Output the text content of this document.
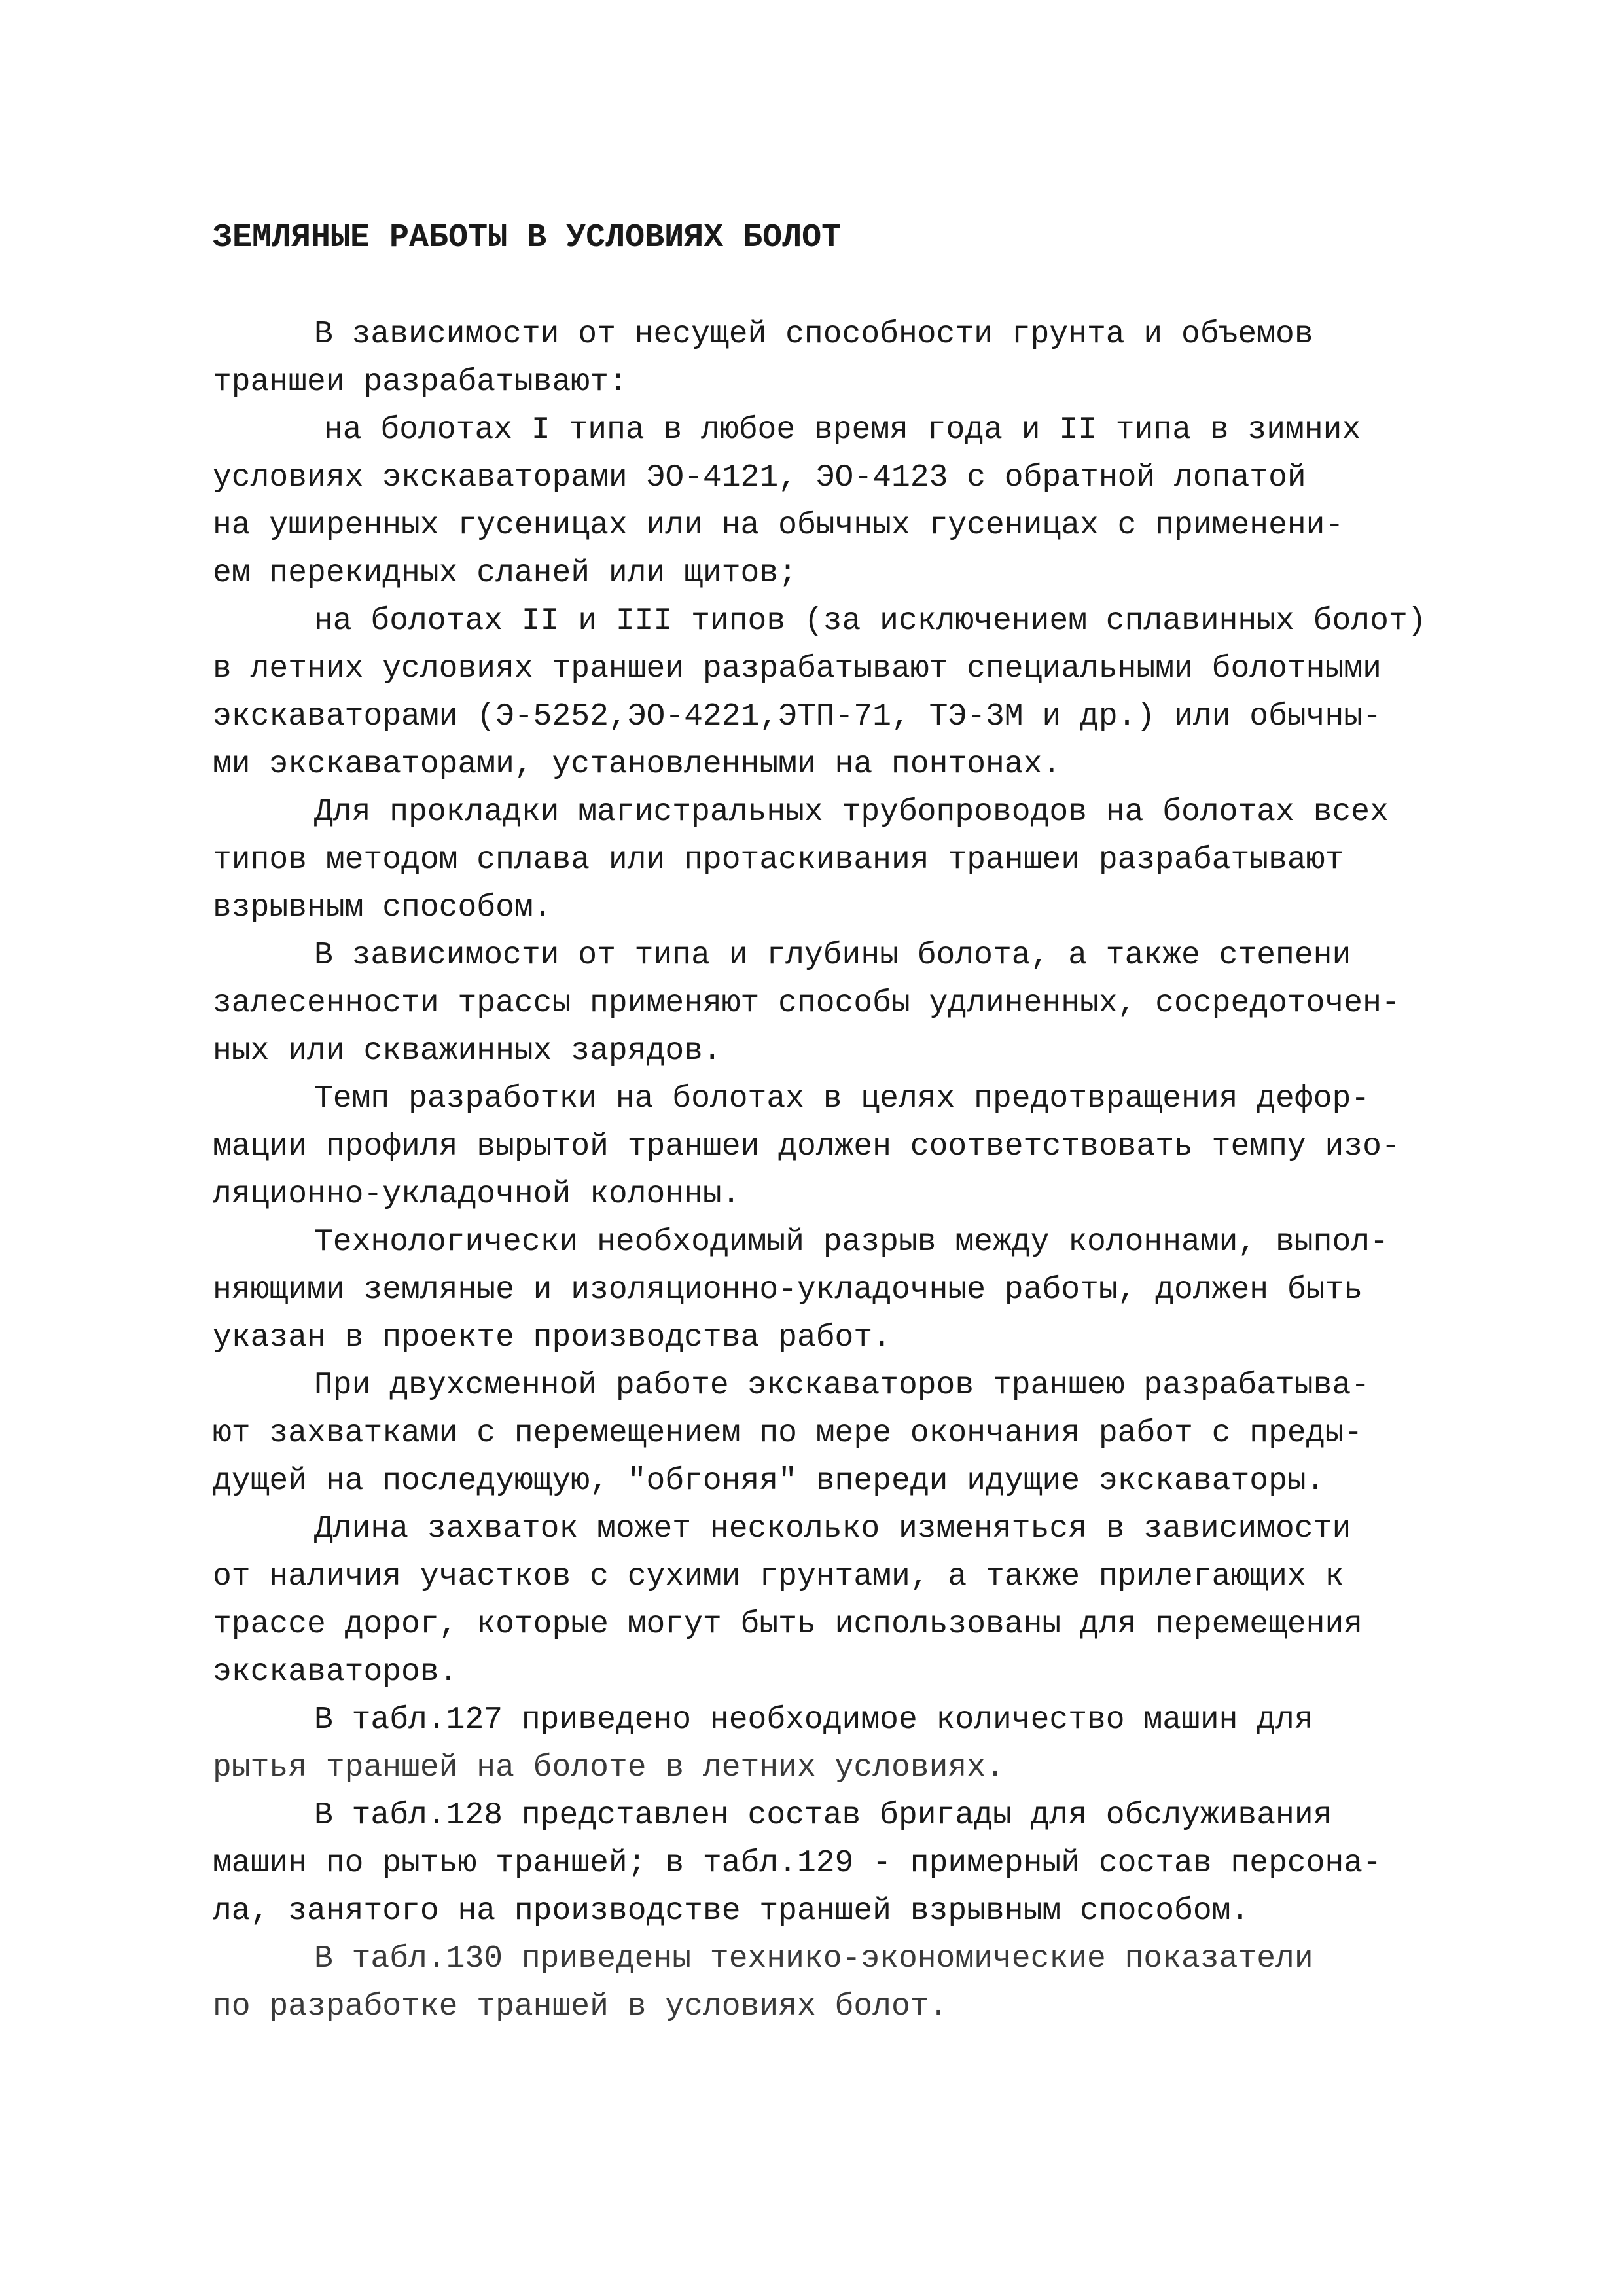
ЗЕМЛЯНЫЕ РАБОТЫ В УСЛОВИЯХ БОЛОТ
В зависимости от несущей способности грунта и объемов
траншеи разрабатывают:
на болотах I типа в любое время года и II типа в зимних
условиях экскаваторами ЭО-4121, ЭО-4123 с обратной лопатой
на уширенных гусеницах или на обычных гусеницах с применени-
ем перекидных слaней или щитов;
на болотах II и III типов (за исключением сплавинных болот)
в летних условиях траншеи разрабатывают специальными болотными
экскаваторами (Э-5252,ЭО-4221,ЭТП-71, ТЭ-3М и др.) или обычны-
ми экскаваторами, установленными на понтонах.
Для прокладки магистральных трубопроводов на болотах всех
типов методом сплава или протаскивания траншеи разрабатывают
взрывным способом.
В зависимости от типа и глубины болота, а также степени
залесенности трассы применяют способы удлиненных, сосредоточен-
ных или скважинных зарядов.
Темп разработки на болотах в целях предотвращения дефор-
мации профиля вырытой траншеи должен соответствовать темпу изо-
ляционно-укладочной колонны.
Технологически необходимый разрыв между колоннами, выпол-
няющими земляные и изоляционно-укладочные работы, должен быть
указан в проекте производства работ.
При двухсменной работе экскаваторов траншею разрабатыва-
ют захватками с перемещением по мере окончания работ с преды-
дущей на последующую, "обгоняя" впереди идущие экскаваторы.
Длина захваток может несколько изменяться в зависимости
от наличия участков с сухими грунтами, а также прилегающих к
трассе дорог, которые могут быть использованы для перемещения
экскаваторов.
В табл.127 приведено необходимое количество машин для
рытья траншей на болоте в летних условиях.
В табл.128 представлен состав бригады для обслуживания
машин по рытью траншей; в табл.129 - примерный состав персона-
ла, занятого на производстве траншей взрывным способом.
В табл.130 приведены технико-экономические показатели
по разработке траншей в условиях болот.
